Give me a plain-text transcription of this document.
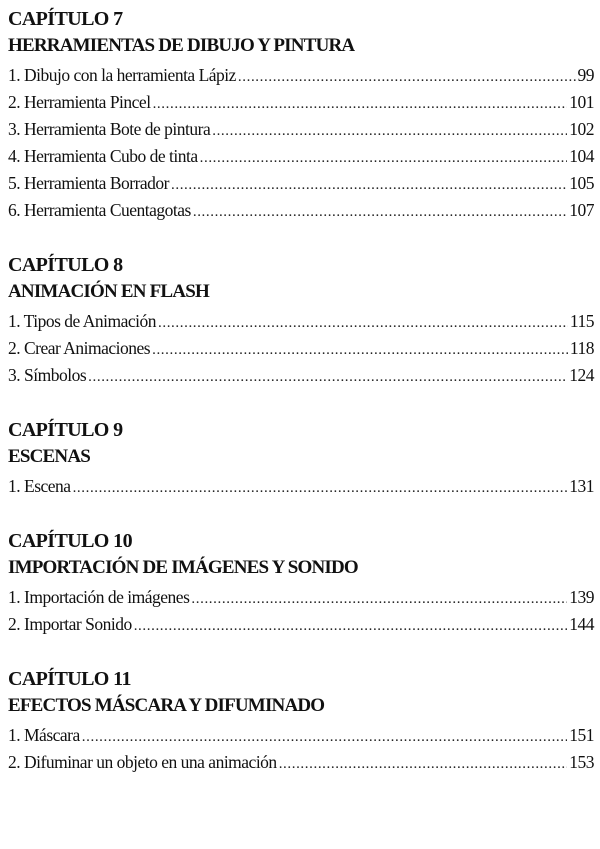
CAPÍTULO 7
HERRAMIENTAS DE DIBUJO Y PINTURA
1. Dibujo con la herramienta Lápiz .....	99
2. Herramienta Pincel .....	101
3. Herramienta Bote de pintura .....	102
4. Herramienta Cubo de tinta .....	104
5. Herramienta Borrador .....	105
6. Herramienta Cuentagotas .....	107
CAPÍTULO 8
ANIMACIÓN EN FLASH
1. Tipos de Animación .....	115
2. Crear Animaciones .....	118
3. Símbolos .....	124
CAPÍTULO 9
ESCENAS
1. Escena .....	131
CAPÍTULO 10
IMPORTACIÓN DE IMÁGENES Y SONIDO
1. Importación de imágenes .....	139
2. Importar Sonido .....	144
CAPÍTULO 11
EFECTOS MÁSCARA Y DIFUMINADO
1. Máscara .....	151
2. Difuminar un objeto en una animación .....	153
